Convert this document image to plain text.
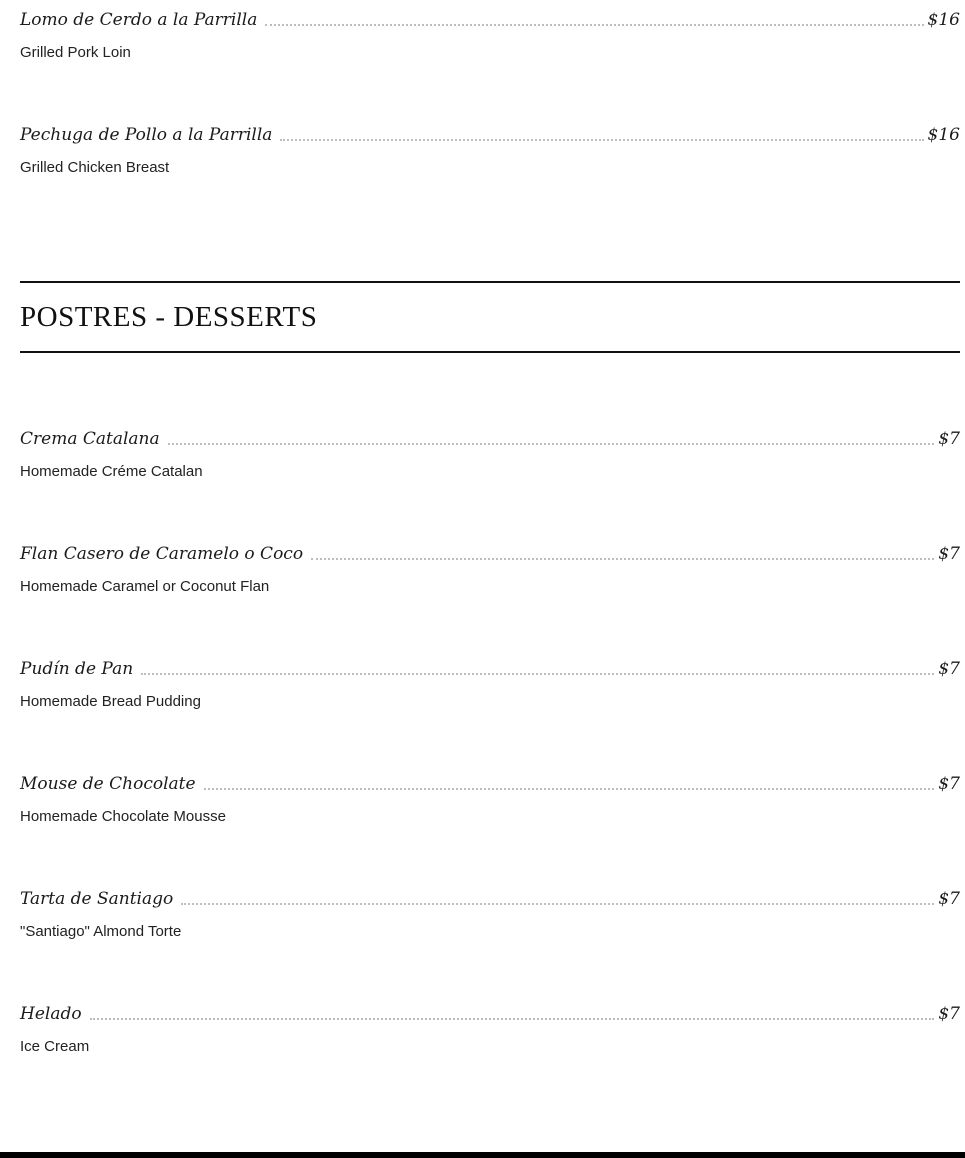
Lomo de Cerdo a la Parrilla	$16
Grilled Pork Loin
Pechuga de Pollo a la Parrilla	$16
Grilled Chicken Breast
POSTRES - DESSERTS
Crema Catalana	$7
Homemade Créme Catalan
Flan Casero de Caramelo o Coco	$7
Homemade Caramel or Coconut Flan
Pudín de Pan	$7
Homemade Bread Pudding
Mouse de Chocolate	$7
Homemade Chocolate Mousse
Tarta de Santiago	$7
"Santiago" Almond Torte
Helado	$7
Ice Cream
